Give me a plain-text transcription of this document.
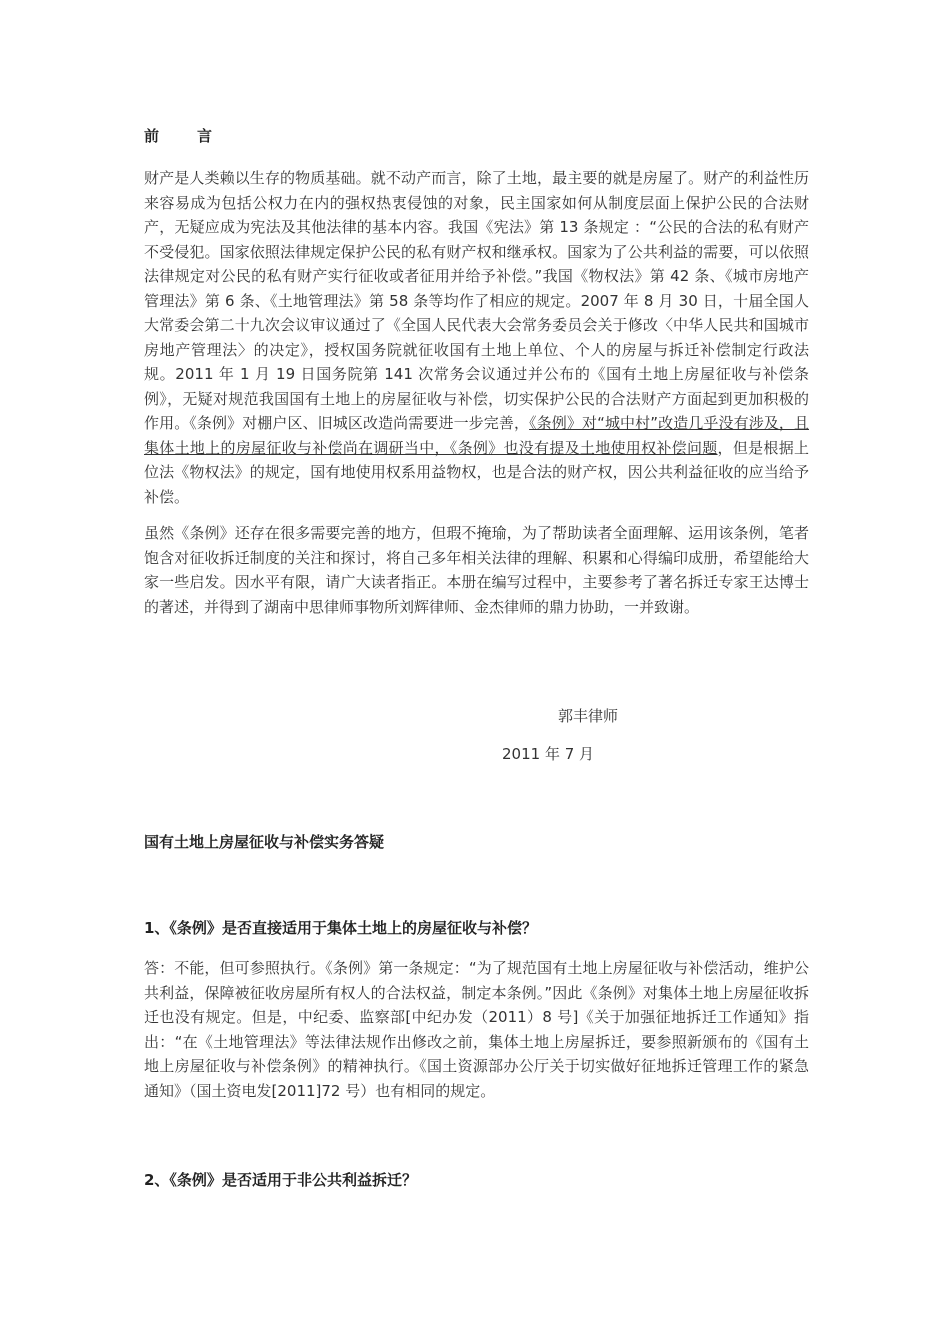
前	言

财产是人类赖以生存的物质基础。就不动产而言，除了土地，最主要的就是房屋了。财产的利益性历来容易成为包括公权力在内的强权热衷侵蚀的对象，民主国家如何从制度层面上保护公民的合法财产，无疑应成为宪法及其他法律的基本内容。我国《宪法》第 13 条规定 ：“公民的合法的私有财产不受侵犯。国家依照法律规定保护公民的私有财产权和继承权。国家为了公共利益的需要，可以依照法律规定对公民的私有财产实行征收或者征用并给予补偿。”我国《物权法》第 42 条、《城市房地产管理法》第 6 条、《土地管理法》第 58 条等均作了相应的规定。2007 年 8 月 30 日，十届全国人大常委会第二十九次会议审议通过了《全国人民代表大会常务委员会关于修改〈中华人民共和国城市房地产管理法〉的决定》，授权国务院就征收国有土地上单位、个人的房屋与拆迁补偿制定行政法规。2011 年 1 月 19 日国务院第 141 次常务会议通过并公布的《国有土地上房屋征收与补偿条例》，无疑对规范我国国有土地上的房屋征收与补偿，切实保护公民的合法财产方面起到更加积极的作用。《条例》对棚户区、旧城区改造尚需要进一步完善，《条例》对“城中村”改造几乎没有涉及，且集体土地上的房屋征收与补偿尚在调研当中，《条例》也没有提及土地使用权补偿问题，但是根据上位法《物权法》的规定，国有地使用权系用益物权，也是合法的财产权，因公共利益征收的应当给予补偿。

虽然《条例》还存在很多需要完善的地方，但瑕不掩瑜，为了帮助读者全面理解、运用该条例，笔者饱含对征收拆迁制度的关注和探讨，将自己多年相关法律的理解、积累和心得编印成册，希望能给大家一些启发。因水平有限，请广大读者指正。本册在编写过程中，主要参考了著名拆迁专家王达博士的著述，并得到了湖南中思律师事物所刘辉律师、金杰律师的鼎力协助，一并致谢。

郭丰律师
2011 年 7 月
国有土地上房屋征收与补偿实务答疑
1、《条例》是否直接适用于集体土地上的房屋征收与补偿？

答：不能，但可参照执行。《条例》第一条规定：“为了规范国有土地上房屋征收与补偿活动，维护公共利益，保障被征收房屋所有权人的合法权益，制定本条例。”因此《条例》对集体土地上房屋征收拆迁也没有规定。但是，中纪委、监察部[中纪办发（2011）8 号]《关于加强征地拆迁工作通知》指出：“在《土地管理法》等法律法规作出修改之前，集体土地上房屋拆迁，要参照新颁布的《国有土地上房屋征收与补偿条例》的精神执行。《国土资源部办公厅关于切实做好征地拆迁管理工作的紧急通知》（国土资电发[2011]72 号）也有相同的规定。

2、《条例》是否适用于非公共利益拆迁？
